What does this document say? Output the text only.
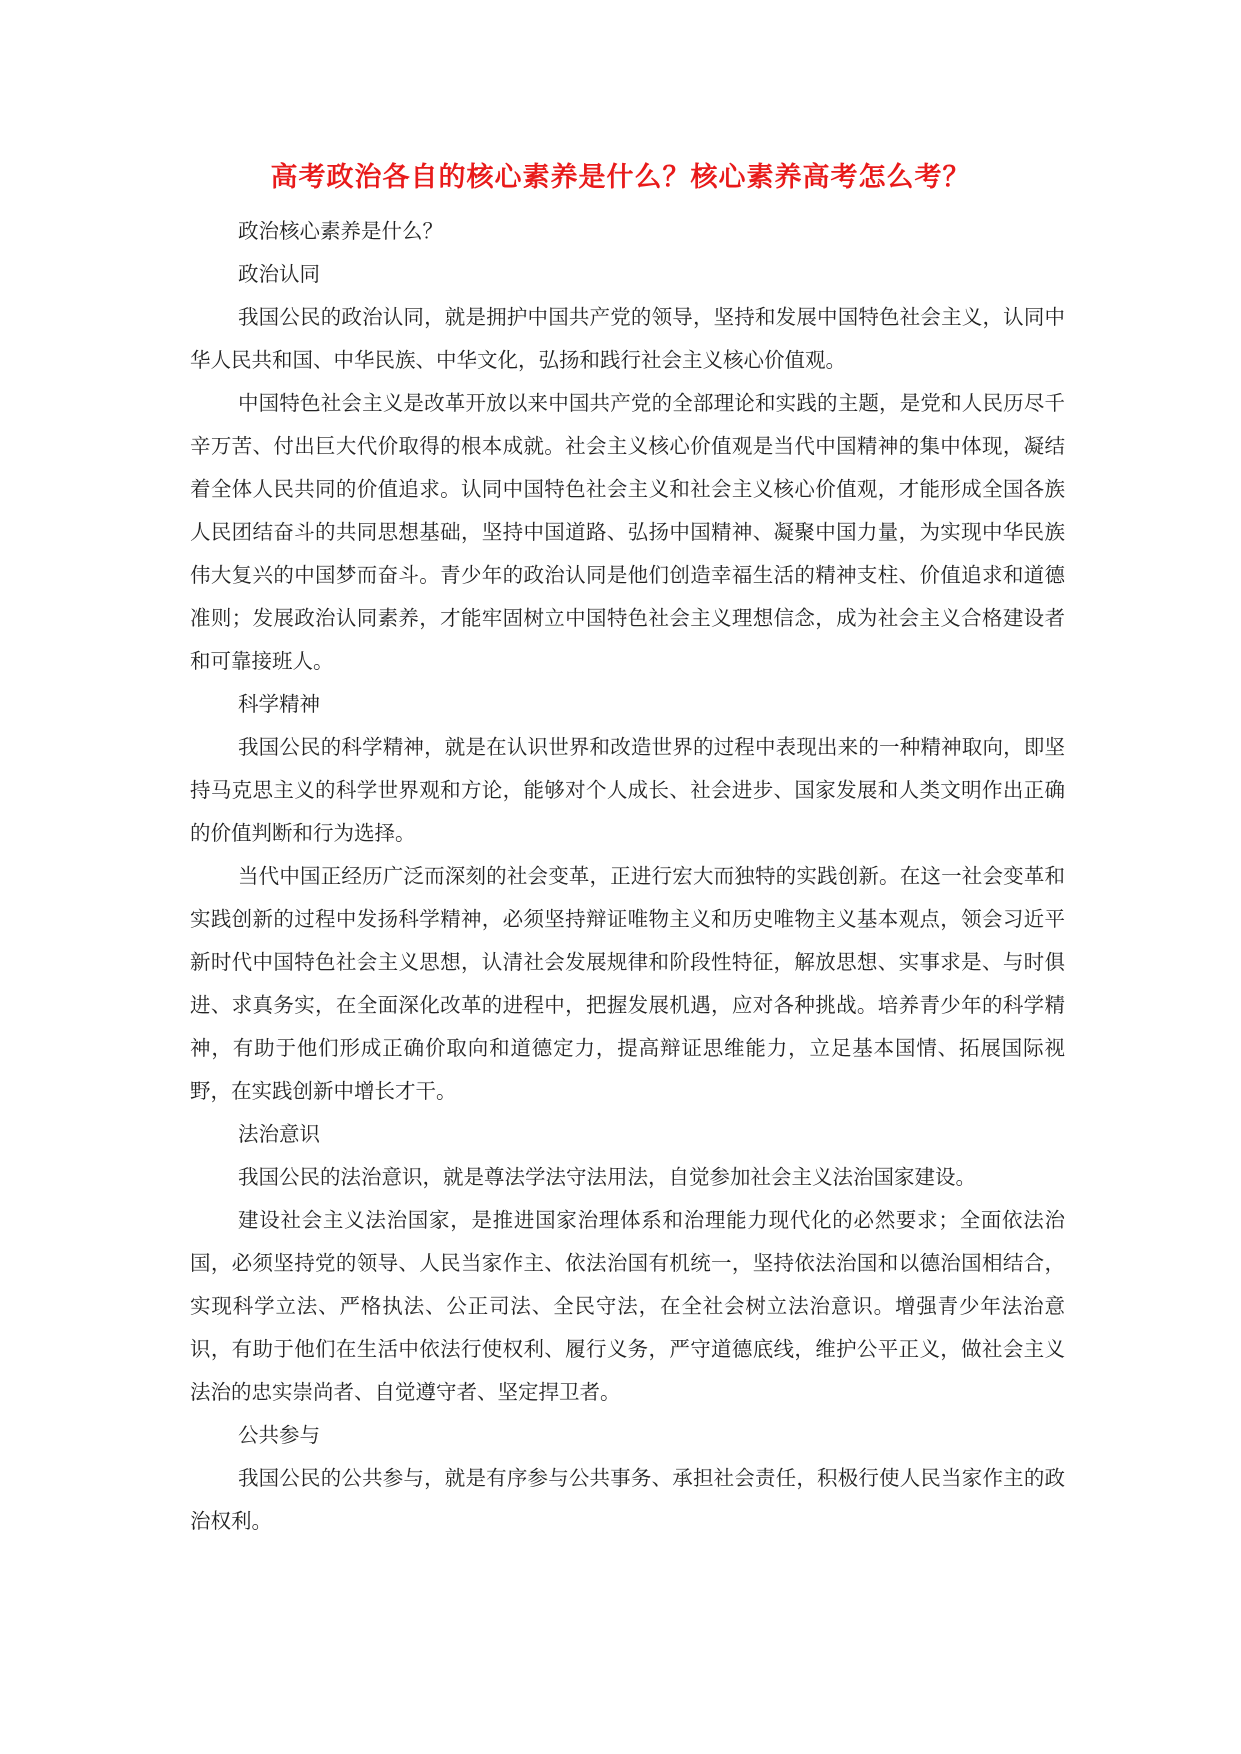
高考政治各自的核心素养是什么？核心素养高考怎么考？

政治核心素养是什么？

政治认同

我国公民的政治认同，就是拥护中国共产党的领导，坚持和发展中国特色社会主义，认同中华人民共和国、中华民族、中华文化，弘扬和践行社会主义核心价值观。

中国特色社会主义是改革开放以来中国共产党的全部理论和实践的主题，是党和人民历尽千辛万苦、付出巨大代价取得的根本成就。社会主义核心价值观是当代中国精神的集中体现，凝结着全体人民共同的价值追求。认同中国特色社会主义和社会主义核心价值观，才能形成全国各族人民团结奋斗的共同思想基础，坚持中国道路、弘扬中国精神、凝聚中国力量，为实现中华民族伟大复兴的中国梦而奋斗。青少年的政治认同是他们创造幸福生活的精神支柱、价值追求和道德准则；发展政治认同素养，才能牢固树立中国特色社会主义理想信念，成为社会主义合格建设者和可靠接班人。

科学精神

我国公民的科学精神，就是在认识世界和改造世界的过程中表现出来的一种精神取向，即坚持马克思主义的科学世界观和方论，能够对个人成长、社会进步、国家发展和人类文明作出正确的价值判断和行为选择。

当代中国正经历广泛而深刻的社会变革，正进行宏大而独特的实践创新。在这一社会变革和实践创新的过程中发扬科学精神，必须坚持辩证唯物主义和历史唯物主义基本观点，领会习近平新时代中国特色社会主义思想，认清社会发展规律和阶段性特征，解放思想、实事求是、与时俱进、求真务实，在全面深化改革的进程中，把握发展机遇，应对各种挑战。培养青少年的科学精神，有助于他们形成正确价取向和道德定力，提高辩证思维能力，立足基本国情、拓展国际视野，在实践创新中增长才干。

法治意识

我国公民的法治意识，就是尊法学法守法用法，自觉参加社会主义法治国家建设。

建设社会主义法治国家，是推进国家治理体系和治理能力现代化的必然要求；全面依法治国，必须坚持党的领导、人民当家作主、依法治国有机统一，坚持依法治国和以德治国相结合，实现科学立法、严格执法、公正司法、全民守法，在全社会树立法治意识。增强青少年法治意识，有助于他们在生活中依法行使权利、履行义务，严守道德底线，维护公平正义，做社会主义法治的忠实崇尚者、自觉遵守者、坚定捍卫者。

公共参与

我国公民的公共参与，就是有序参与公共事务、承担社会责任，积极行使人民当家作主的政治权利。
